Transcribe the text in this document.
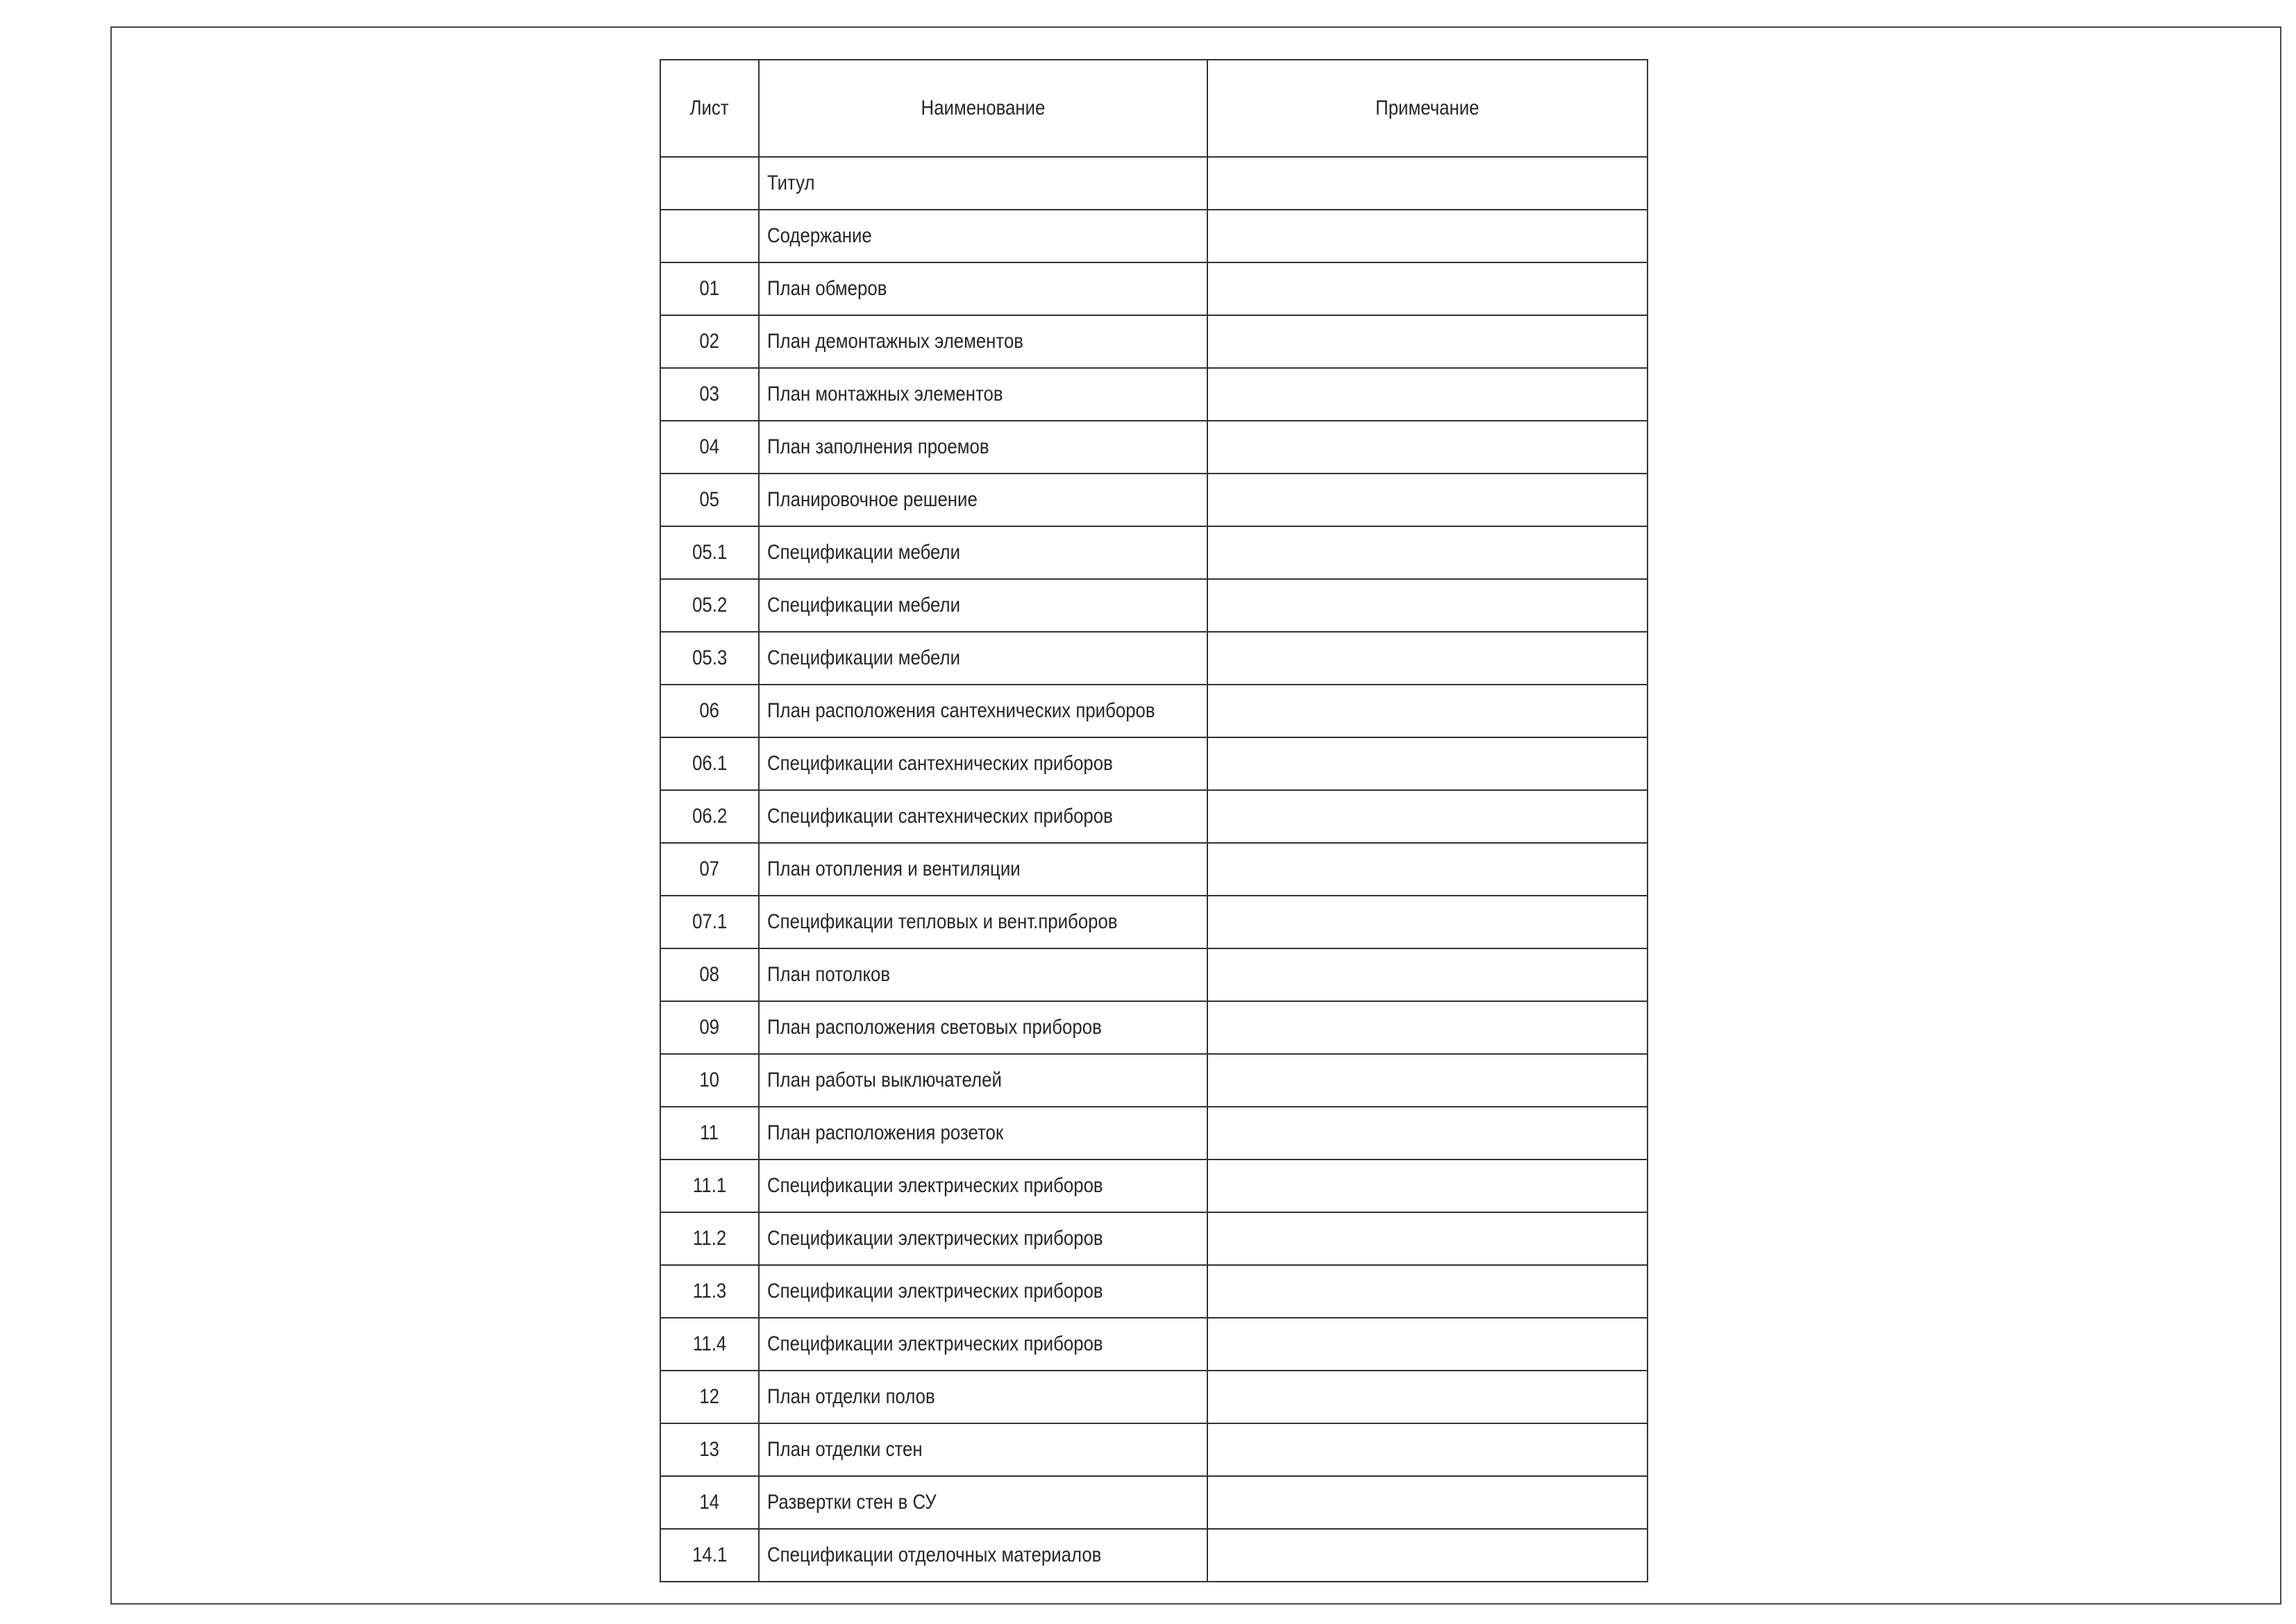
Лист	Наименование	Примечание
Титул
Содержание
01 План обмеров
02 План демонтажных элементов
03 План монтажных элементов
04 План заполнения проемов
05 Планировочное решение
05.1 Спецификации мебели
05.2 Спецификации мебели
05.3 Спецификации мебели
06 План расположения сантехнических приборов
06.1 Спецификации сантехнических приборов
06.2 Спецификации сантехнических приборов
07 План отопления и вентиляции
07.1 Спецификации тепловых и вент.приборов
08 План потолков
09 План расположения световых приборов
10 План работы выключателей
11 План расположения розеток
11.1 Спецификации электрических приборов
11.2 Спецификации электрических приборов
11.3 Спецификации электрических приборов
11.4 Спецификации электрических приборов
12 План отделки полов
13 План отделки стен
14 Развертки стен в СУ
14.1 Спецификации отделочных материалов
